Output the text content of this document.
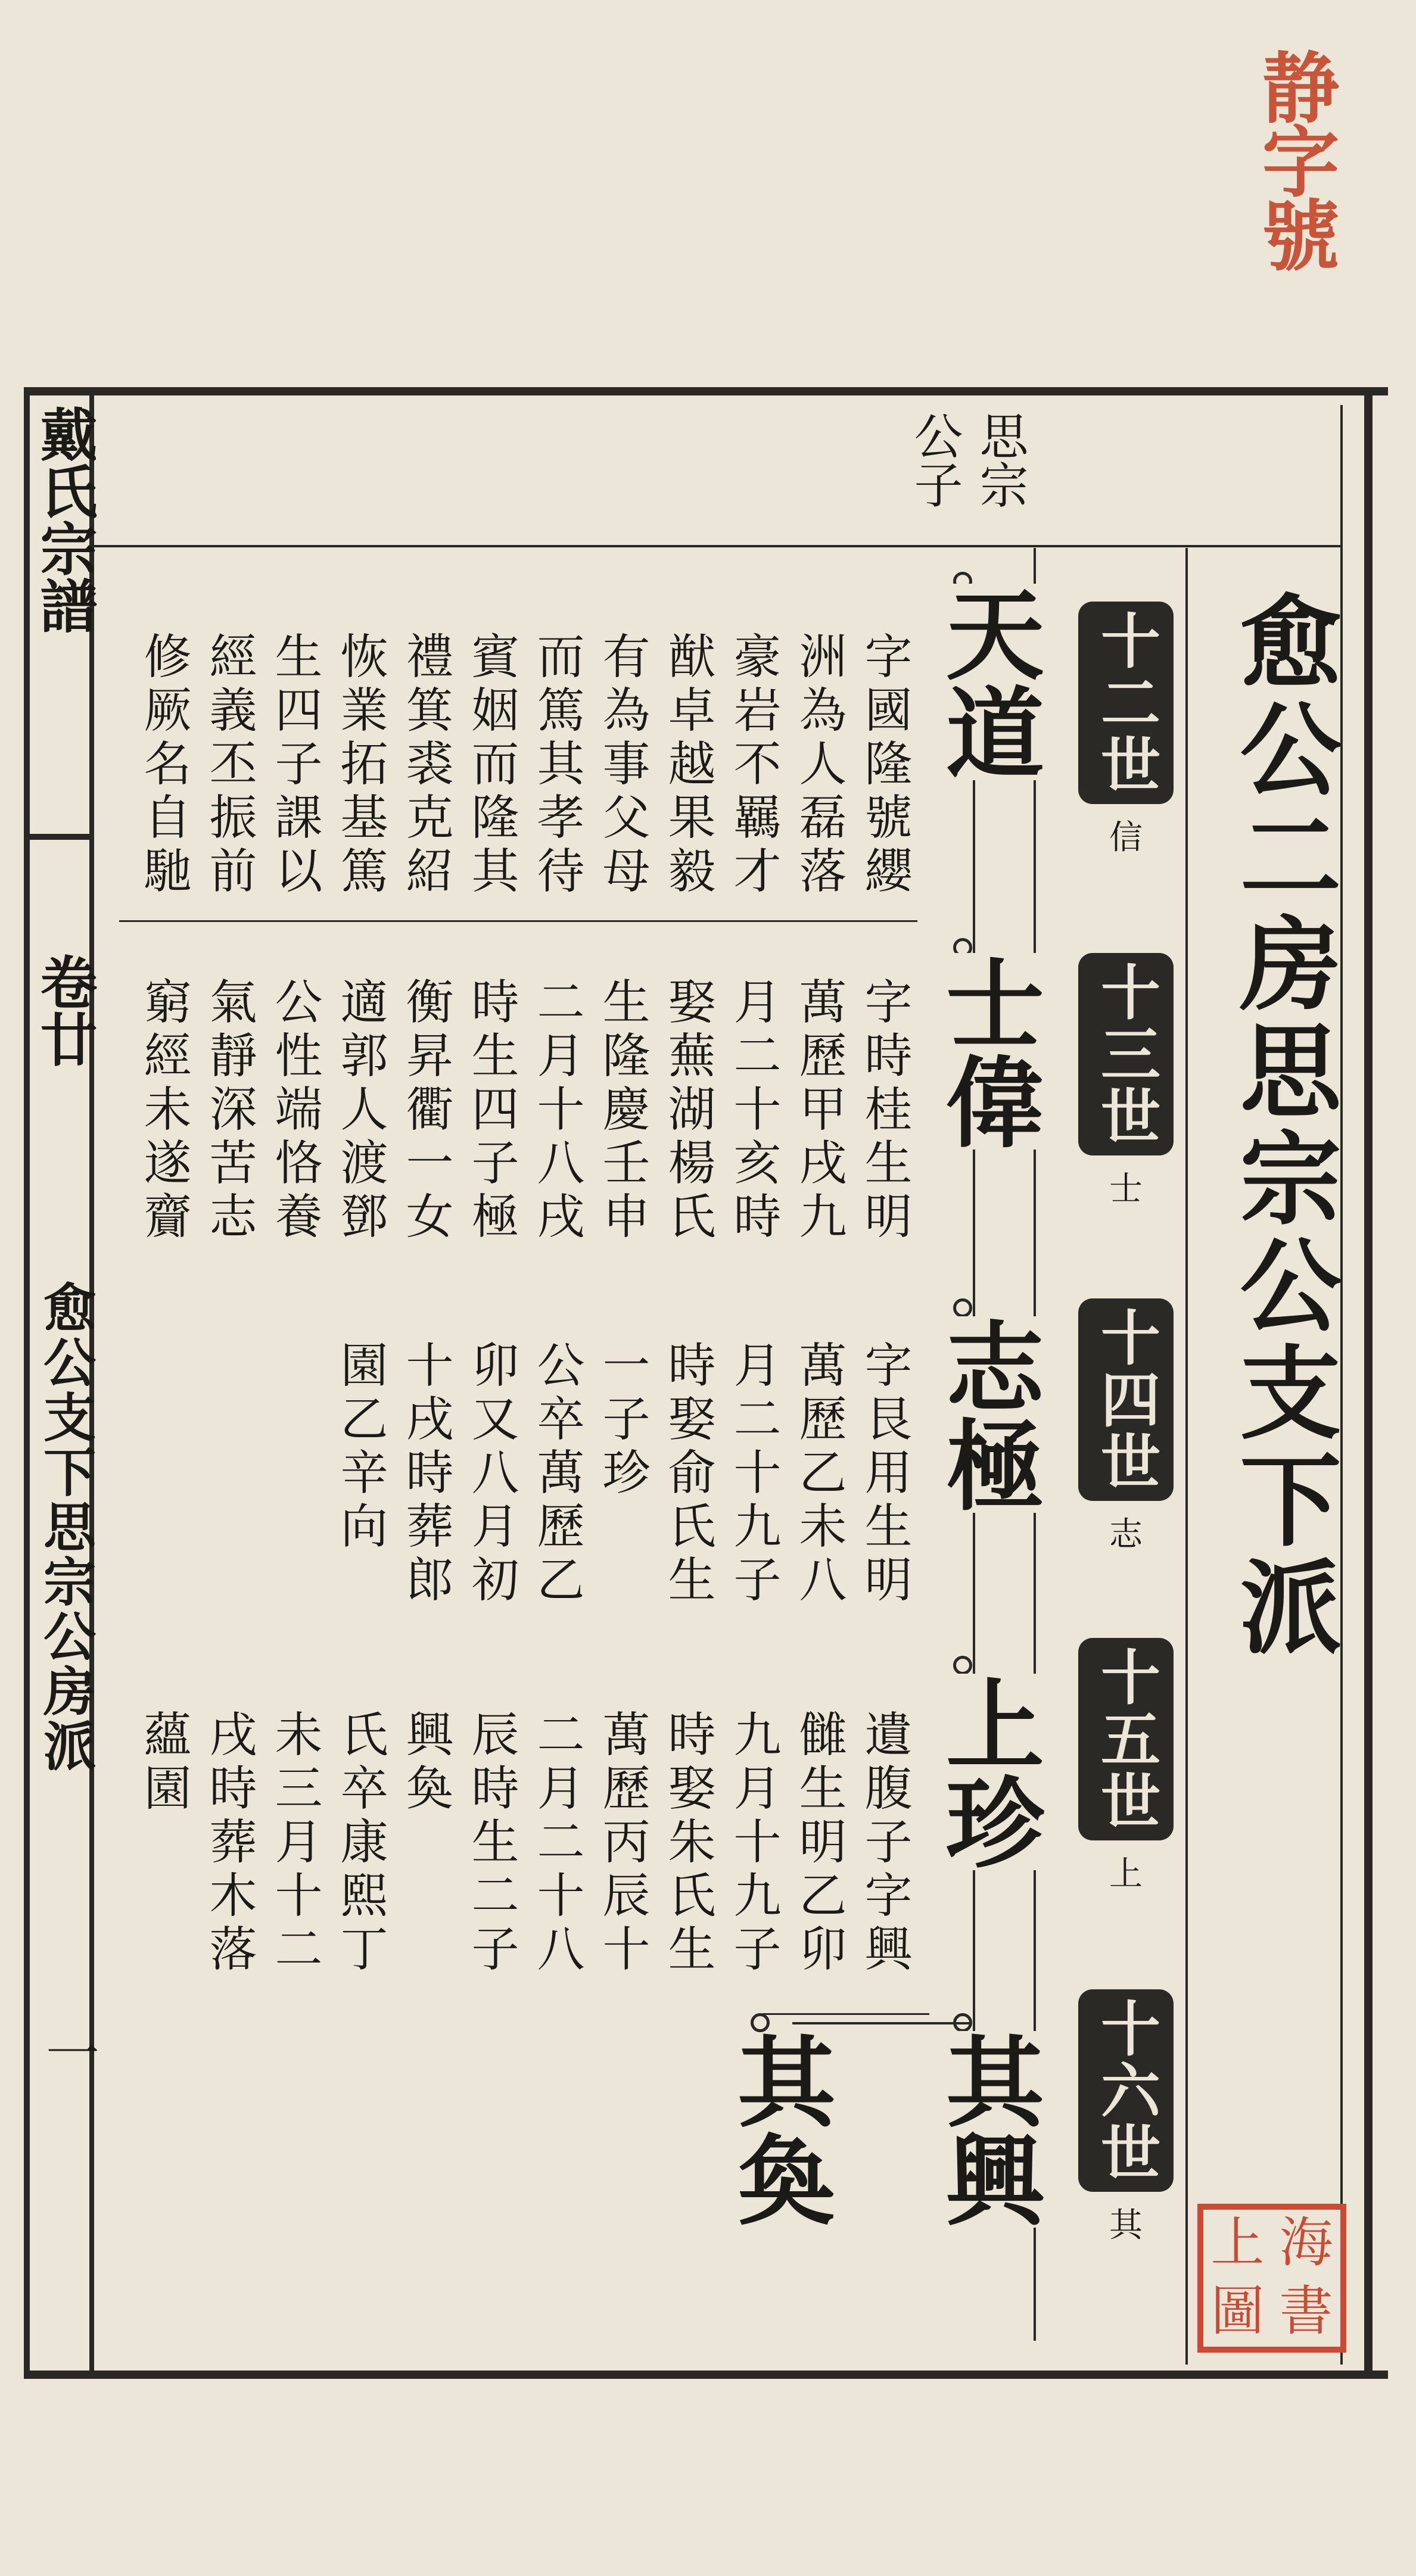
静字號
愈公二房思宗公支下派
思宗
公子
十二世
信
十三世
士
十四世
志
十五世
上
十六世
其
天道
士偉
志極
上珍
其興
其奐
字國隆號纓
洲為人磊落
豪岩不羈才
猷卓越果毅
有為事父母
而篤其孝待
賓姻而隆其
禮箕裘克紹
恢業拓基篤
生四子課以
經義丕振前
修厥名自馳
字時桂生明
萬歷甲戌九
月二十亥時
娶蕪湖楊氏
生隆慶壬申
二月十八戌
時生四子極
衡昇衢一女
適郭人渡鄧
公性端恪養
氣靜深苦志
窮經未遂齎
字艮用生明
萬歷乙未八
月二十九子
時娶俞氏生
一子珍
公卒萬歷乙
卯又八月初
十戌時葬郎
園乙辛向
遺腹子字興
雠生明乙卯
九月十九子
時娶朱氏生
萬歷丙辰十
二月二十八
辰時生二子
興奐
氏卒康熙丁
未三月十二
戌時葬木落
蘊園
戴氏宗譜
卷廿
愈公支下思宗公房派
一
上 海
圖 書
